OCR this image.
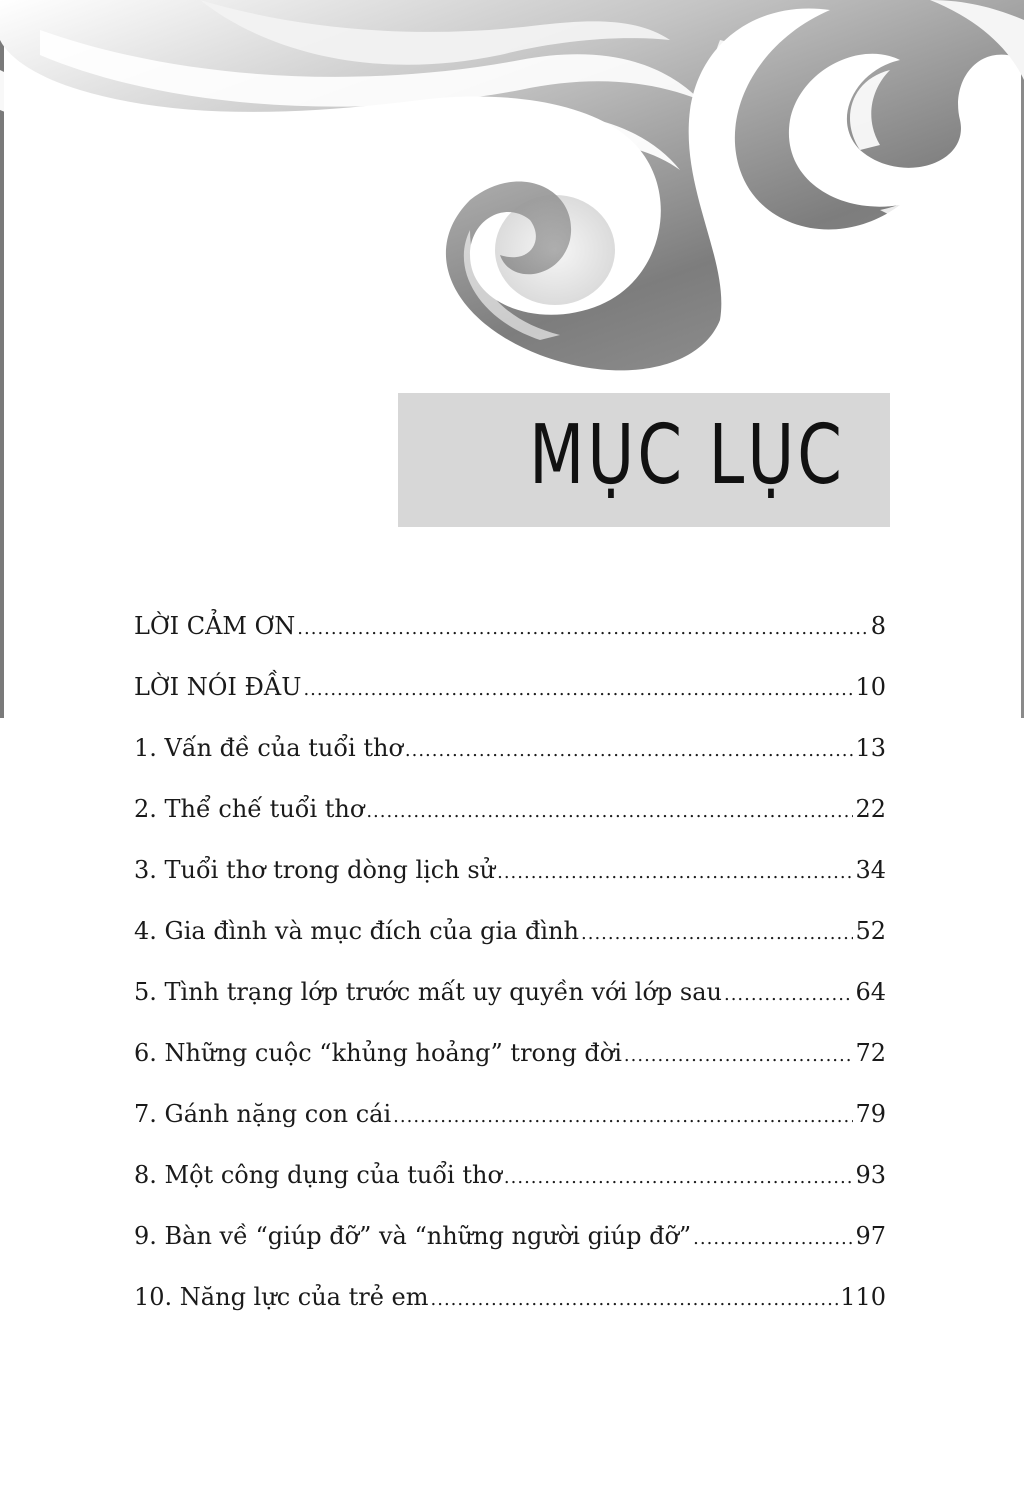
MỤC LỤC
LỜI CẢM ƠN .....	8
LỜI NÓI ĐẦU .....	10
1. Vấn đề của tuổi thơ .....	13
2. Thể chế tuổi thơ .....	22
3. Tuổi thơ trong dòng lịch sử .....	34
4. Gia đình và mục đích của gia đình .....	52
5. Tình trạng lớp trước mất uy quyền với lớp sau .....	64
6. Những cuộc “khủng hoảng” trong đời .....	72
7. Gánh nặng con cái .....	79
8. Một công dụng của tuổi thơ .....	93
9. Bàn về “giúp đỡ” và “những người giúp đỡ” .....	97
10. Năng lực của trẻ em .....	110
